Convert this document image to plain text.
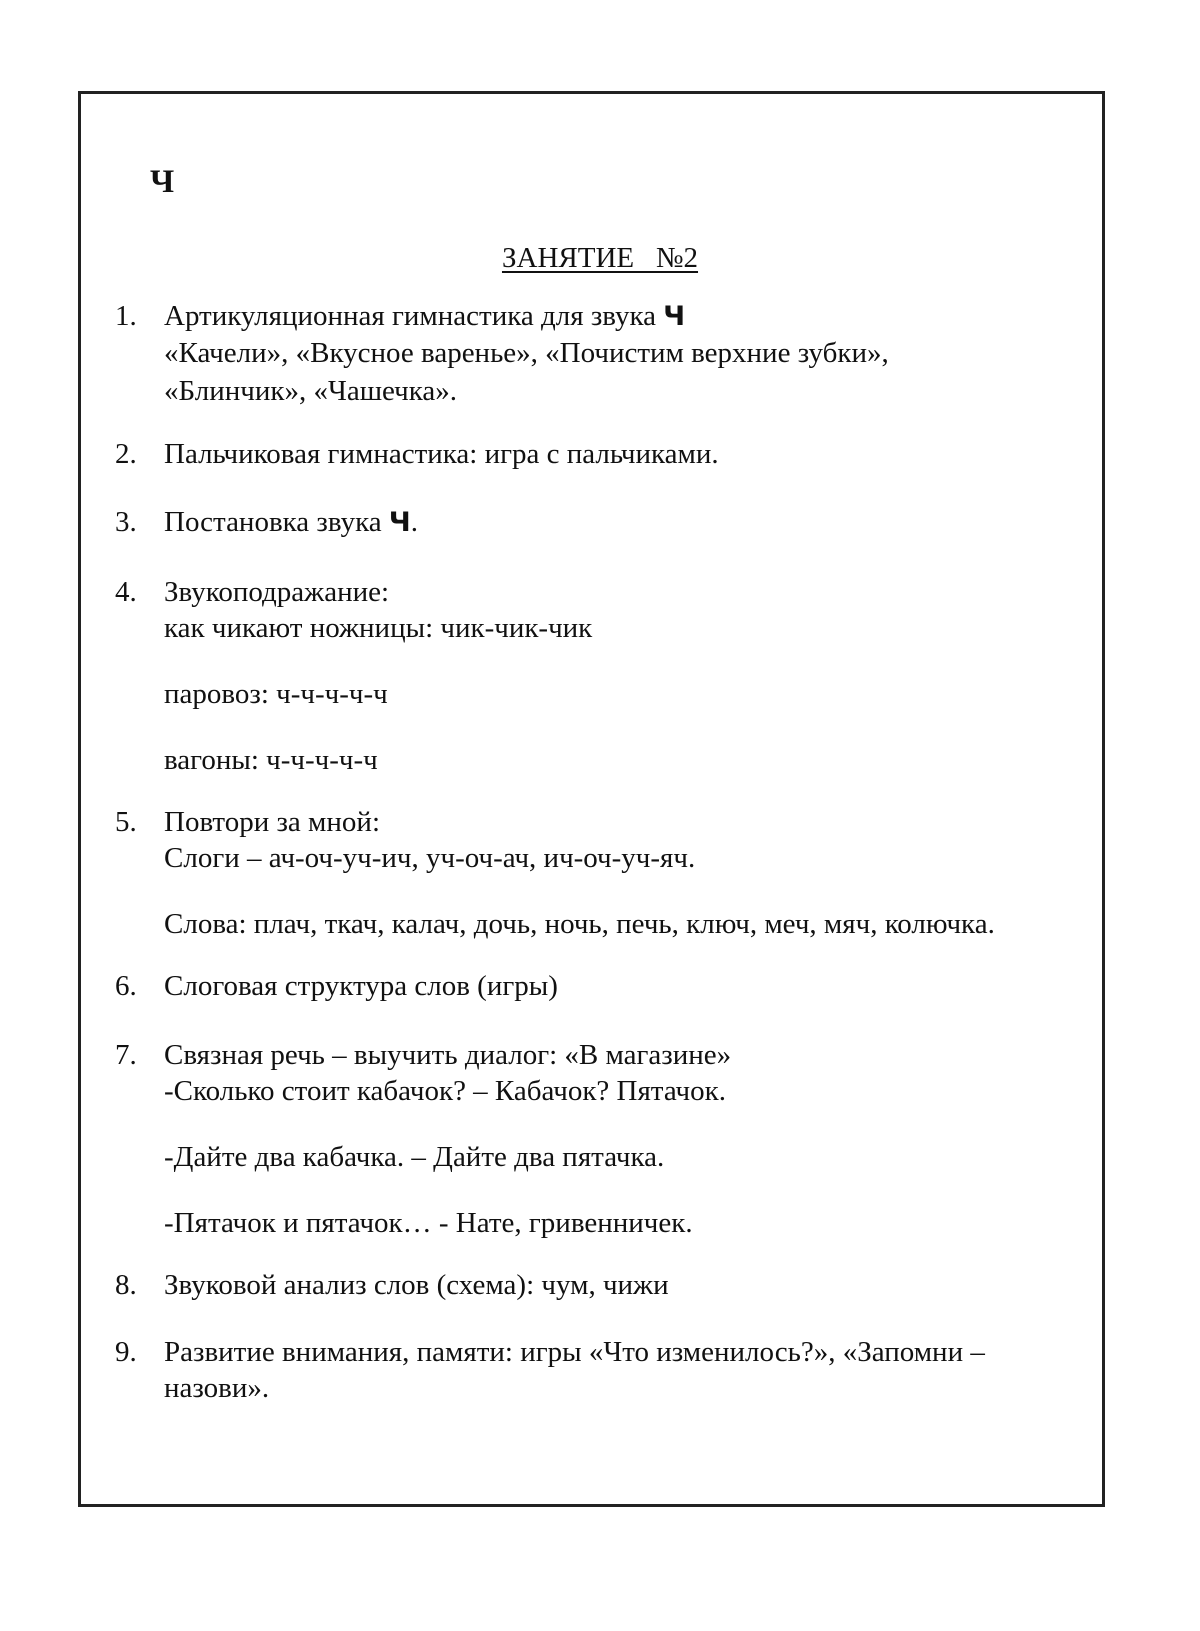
Ч
ЗАНЯТИЕ   №2
1. Артикуляционная гимнастика для звука Ч
«Качели», «Вкусное варенье», «Почистим верхние зубки»,
«Блинчик», «Чашечка».
2. Пальчиковая гимнастика: игра с пальчиками.
3. Постановка звука Ч.
4. Звукоподражание:
как чикают ножницы: чик-чик-чик
паровоз: ч-ч-ч-ч-ч
вагоны: ч-ч-ч-ч-ч
5. Повтори за мной:
Слоги – ач-оч-уч-ич, уч-оч-ач, ич-оч-уч-яч.
Слова: плач, ткач, калач, дочь, ночь, печь, ключ, меч, мяч, колючка.
6. Слоговая структура слов (игры)
7. Связная речь – выучить диалог: «В магазине»
-Сколько стоит кабачок? – Кабачок? Пятачок.
-Дайте два кабачка. – Дайте два пятачка.
-Пятачок и пятачок… - Нате, гривенничек.
8. Звуковой анализ слов (схема): чум, чижи
9. Развитие внимания, памяти: игры «Что изменилось?», «Запомни –
назови».
